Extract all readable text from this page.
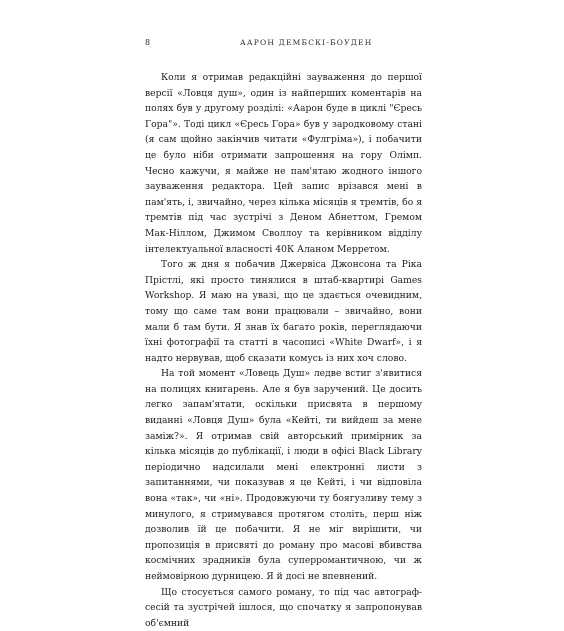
8	ААРОН ДЕМБСКІ-БОУДЕН

Коли я отримав редакційні зауваження до першої версії «Ловця душ», один із найперших коментарів на полях був у другому розділі: «Аарон буде в циклі "Єресь Гора"». Тоді цикл «Єресь Гора» був у зародковому стані (я сам щойно закінчив читати «Фулгріма»), і побачити це було ніби отримати запрошення на гору Олімп. Чесно кажучи, я майже не пам'ятаю жодного іншого зауваження редактора. Цей запис врізався мені в пам'ять, і, звичайно, через кілька місяців я тремтів, бо я тремтів під час зустрічі з Деном Абнеттом, Гремом Мак-Ніллом, Джимом Своллоу та керівником відділу інтелектуальної власності 40К Аланом Мерретом.

Того ж дня я побачив Джервіса Джонсона та Ріка Прістлі, які просто тинялися в штаб-квартирі Games Workshop. Я маю на увазі, що це здається очевидним, тому що саме там вони працювали – звичайно, вони мали б там бути. Я знав їх багато років, переглядаючи їхні фотографії та статті в часописі «White Dwarf», і я надто нервував, щоб сказати комусь із них хоч слово.

На той момент «Ловець Душ» ледве встиг з'явитися на полицях книгарень. Але я був заручений. Це досить легко запам'ятати, оскільки присвята в першому виданні «Ловця Душ» була «Кейті, ти вийдеш за мене заміж?». Я отримав свій авторський примірник за кілька місяців до публікації, і люди в офісі Black Library періодично надсилали мені електронні листи з запитаннями, чи показував я це Кейті, і чи відповіла вона «так», чи «ні». Продовжуючи ту боягузливу тему з минулого, я стримувався протягом століть, перш ніж дозволив їй це побачити. Я не міг вирішити, чи пропозиція в присвяті до роману про масові вбивства космічних зрадників була суперромантичною, чи ж неймовірною дурницею. Я й досі не впевнений.

Що стосується самого роману, то під час автограф-сесій та зустрічей ішлося, що спочатку я запропонував об'ємний
